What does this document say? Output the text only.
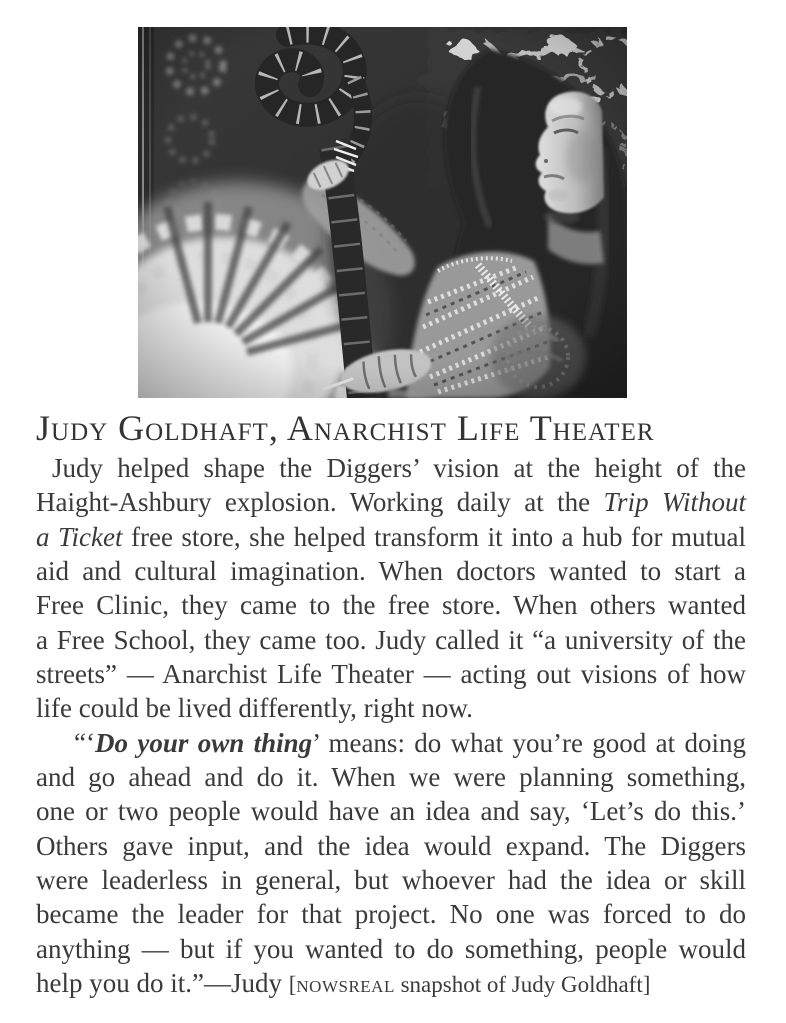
Judy Goldhaft, Anarchist Life Theater
Judy helped shape the Diggers’ vision at the height of the
Haight-Ashbury explosion. Working daily at the Trip Without
a Ticket free store, she helped transform it into a hub for mutual
aid and cultural imagination. When doctors wanted to start a
Free Clinic, they came to the free store. When others wanted
a Free School, they came too. Judy called it “a university of the
streets” — Anarchist Life Theater — acting out visions of how
life could be lived differently, right now.
“‘Do your own thing’ means: do what you’re good at doing
and go ahead and do it. When we were planning something,
one or two people would have an idea and say, ‘Let’s do this.’
Others gave input, and the idea would expand. The Diggers
were leaderless in general, but whoever had the idea or skill
became the leader for that project. No one was forced to do
anything — but if you wanted to do something, people would
help you do it.”—Judy [NOWSREAL snapshot of Judy Goldhaft]
